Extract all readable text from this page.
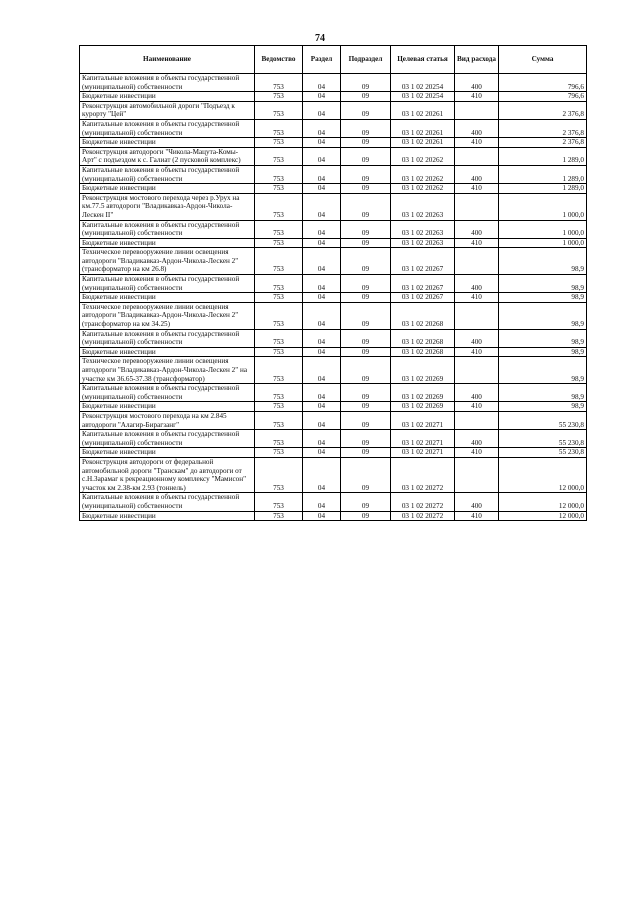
74
Наименование	Ведомство	Раздел	Подраздел	Целевая статья	Вид расхода	Сумма
Капитальные вложения в объекты государственной (муниципальной) собственности	753	04	09	03 1 02 20254	400	796,6
Бюджетные инвестиции	753	04	09	03 1 02 20254	410	796,6
Реконструкция автомобильной дороги "Подъезд к курорту "Цей"	753	04	09	03 1 02 20261		2 376,8
Капитальные вложения в объекты государственной (муниципальной) собственности	753	04	09	03 1 02 20261	400	2 376,8
Бюджетные инвестиции	753	04	09	03 1 02 20261	410	2 376,8
Реконструкция автодороги "Чикола-Мацута-Комы-Арт" с подъездом к с. Галиат (2 пусковой комплекс)	753	04	09	03 1 02 20262		1 289,0
Капитальные вложения в объекты государственной (муниципальной) собственности	753	04	09	03 1 02 20262	400	1 289,0
Бюджетные инвестиции	753	04	09	03 1 02 20262	410	1 289,0
Реконструкция мостового перехода через р.Урух на км.77.5 автодороги "Владикавказ-Ардон-Чикола-Лескен II"	753	04	09	03 1 02 20263		1 000,0
Капитальные вложения в объекты государственной (муниципальной) собственности	753	04	09	03 1 02 20263	400	1 000,0
Бюджетные инвестиции	753	04	09	03 1 02 20263	410	1 000,0
Техническое перевооружение линии освещения автодороги "Владикавказ-Ардон-Чикола-Лескен 2" (трансформатор на км 26.8)	753	04	09	03 1 02 20267		98,9
Капитальные вложения в объекты государственной (муниципальной) собственности	753	04	09	03 1 02 20267	400	98,9
Бюджетные инвестиции	753	04	09	03 1 02 20267	410	98,9
Техническое перевооружение линии освещения автодороги "Владикавказ-Ардон-Чикола-Лескен 2" (трансформатор на км 34.25)	753	04	09	03 1 02 20268		98,9
Капитальные вложения в объекты государственной (муниципальной) собственности	753	04	09	03 1 02 20268	400	98,9
Бюджетные инвестиции	753	04	09	03 1 02 20268	410	98,9
Техническое перевооружение линии освещения автодороги "Владикавказ-Ардон-Чикола-Лескен 2" на участке км 36.65-37.38 (трансформатор)	753	04	09	03 1 02 20269		98,9
Капитальные вложения в объекты государственной (муниципальной) собственности	753	04	09	03 1 02 20269	400	98,9
Бюджетные инвестиции	753	04	09	03 1 02 20269	410	98,9
Реконструкция мостового перехода на км 2.845 автодороги "Алагир-Бирагзанг"	753	04	09	03 1 02 20271		55 230,8
Капитальные вложения в объекты государственной (муниципальной) собственности	753	04	09	03 1 02 20271	400	55 230,8
Бюджетные инвестиции	753	04	09	03 1 02 20271	410	55 230,8
Реконструкция автодороги от федеральной автомобильной дороги "Транскам" до автодороги от с.Н.Зарамаг к рекреационному комплексу "Мамисон" участок км 2.38-км 2.93 (тоннель)	753	04	09	03 1 02 20272		12 000,0
Капитальные вложения в объекты государственной (муниципальной) собственности	753	04	09	03 1 02 20272	400	12 000,0
Бюджетные инвестиции	753	04	09	03 1 02 20272	410	12 000,0
